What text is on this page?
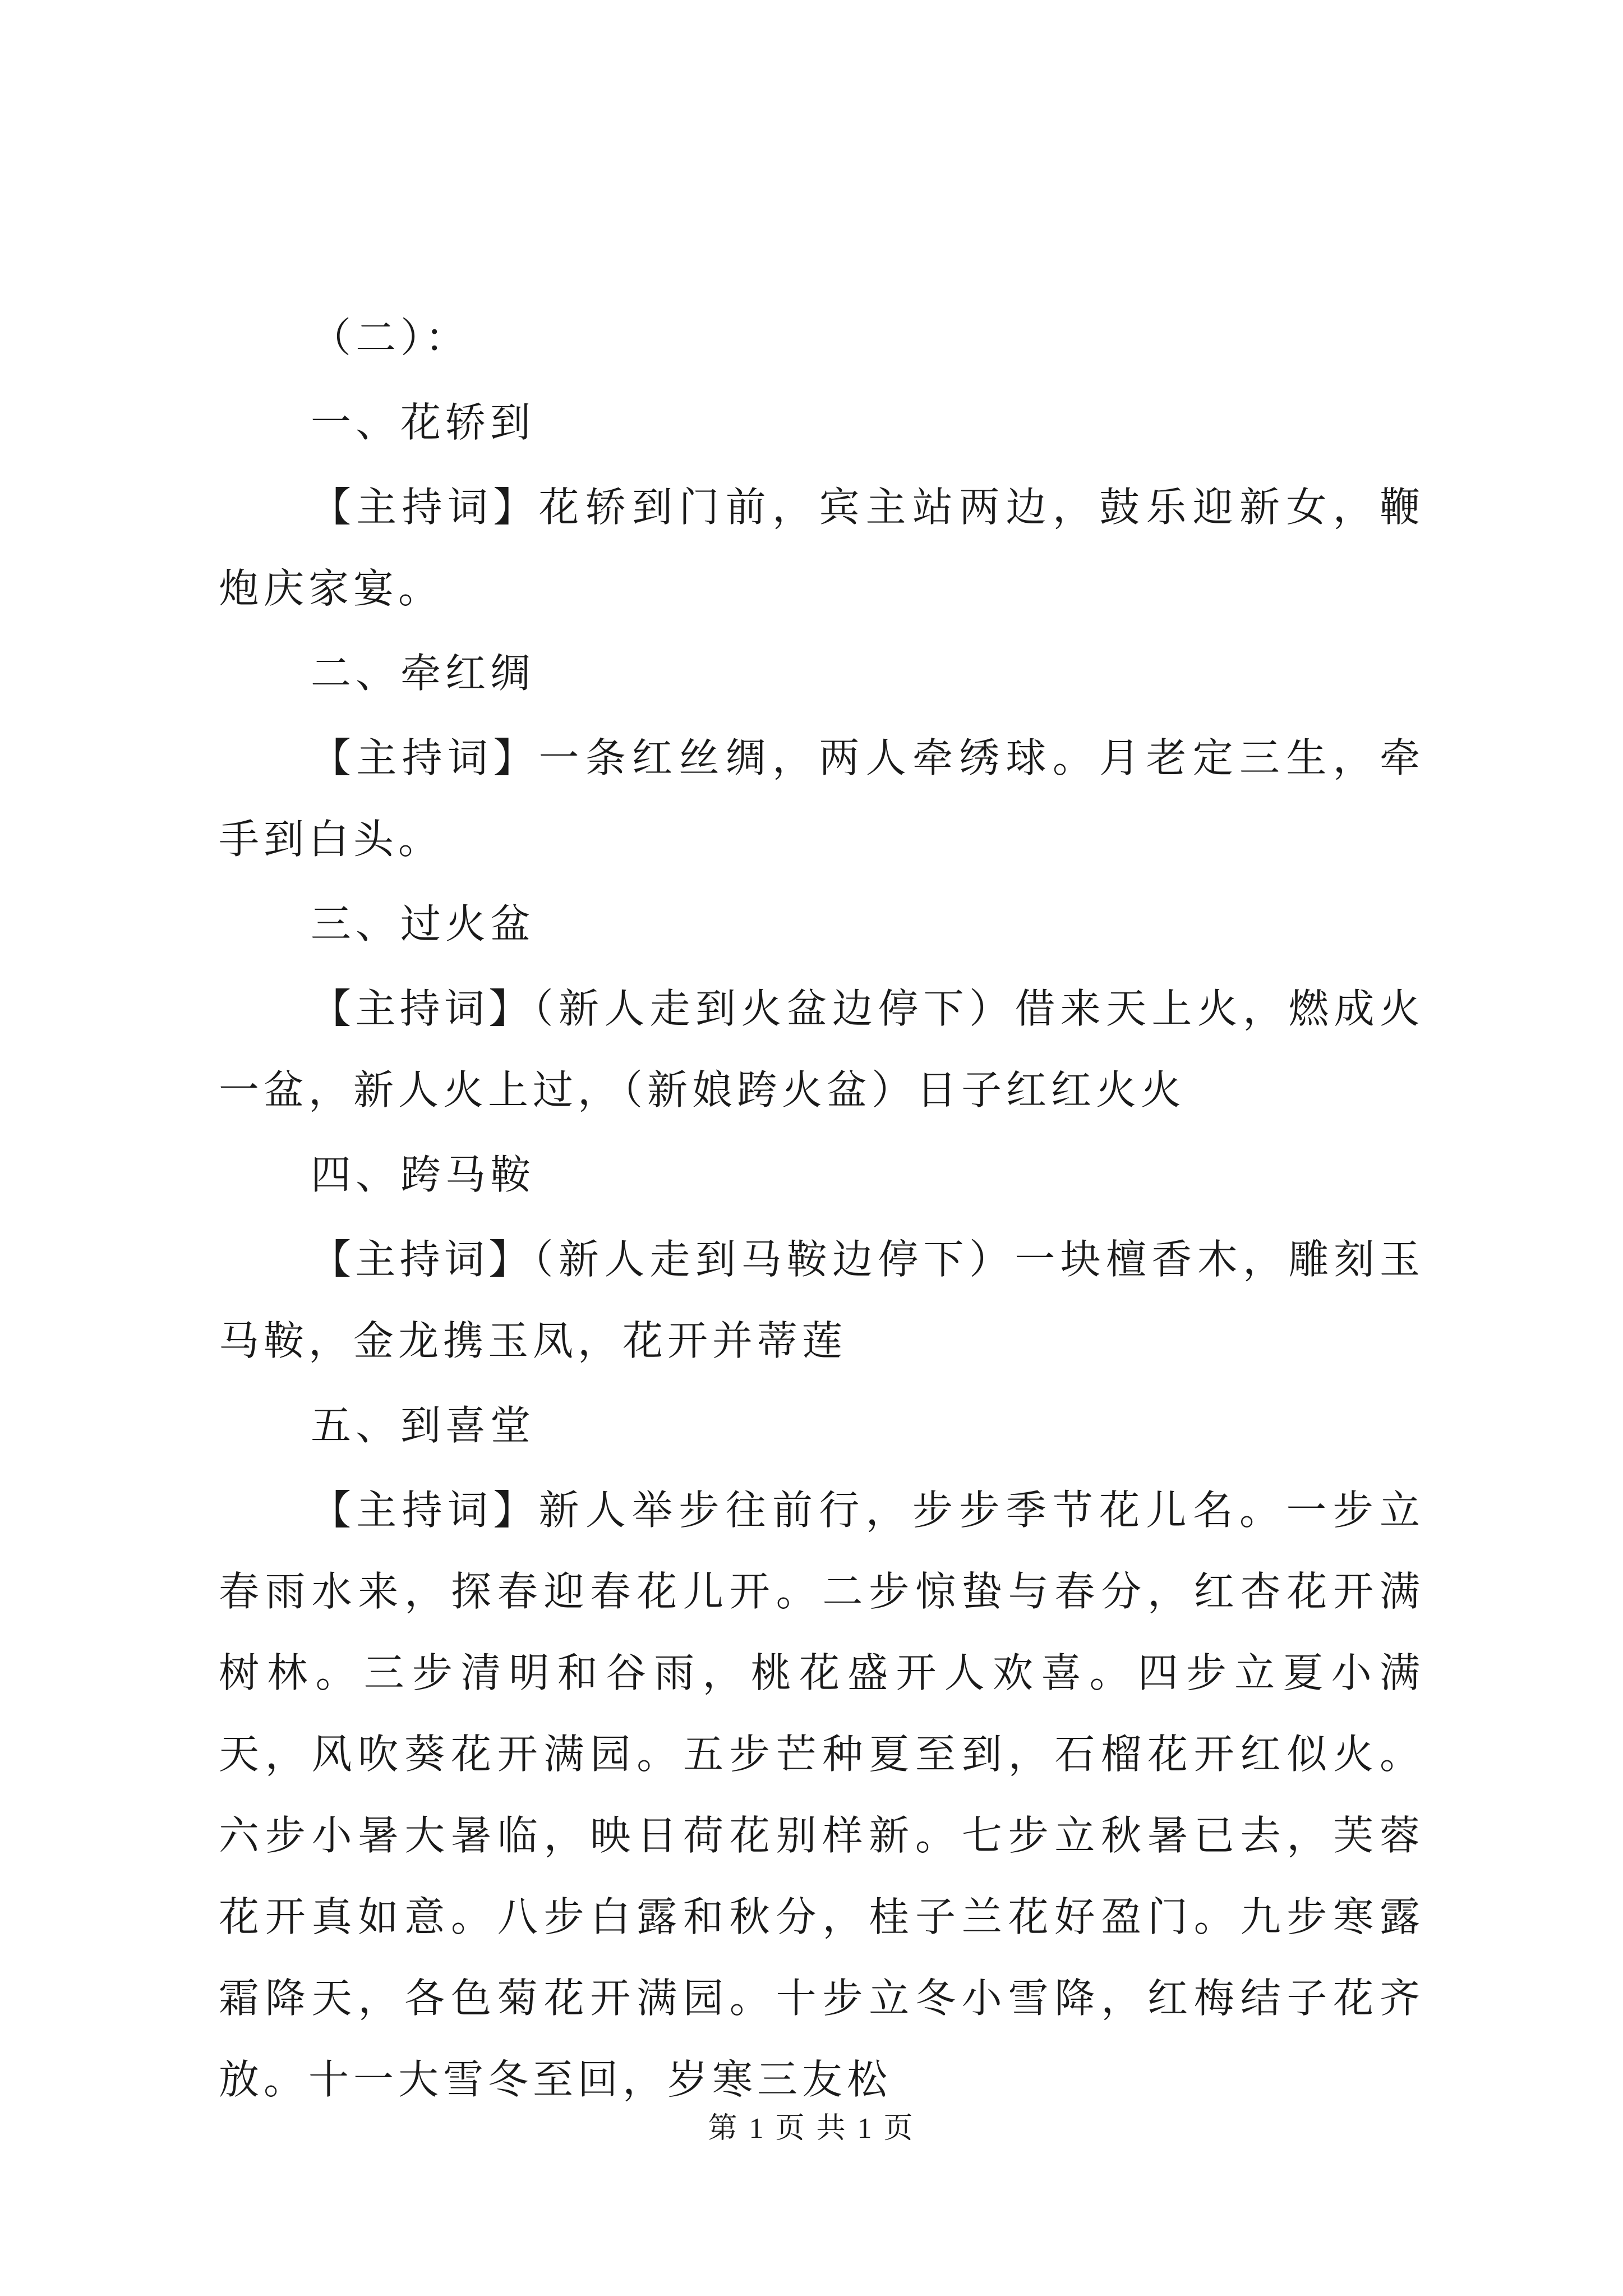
（二）：

一、花轿到

【主持词】花轿到门前，宾主站两边，鼓乐迎新女，鞭炮庆家宴。

二、牵红绸

【主持词】一条红丝绸，两人牵绣球。月老定三生，牵手到白头。

三、过火盆

【主持词】（新人走到火盆边停下）借来天上火，燃成火一盆，新人火上过，（新娘跨火盆）日子红红火火

四、跨马鞍

【主持词】（新人走到马鞍边停下）一块檀香木，雕刻玉马鞍，金龙携玉凤，花开并蒂莲

五、到喜堂

【主持词】新人举步往前行，步步季节花儿名。一步立春雨水来，探春迎春花儿开。二步惊蛰与春分，红杏花开满树林。三步清明和谷雨，桃花盛开人欢喜。四步立夏小满天，风吹葵花开满园。五步芒种夏至到，石榴花开红似火。六步小暑大暑临，映日荷花别样新。七步立秋暑已去，芙蓉花开真如意。八步白露和秋分，桂子兰花好盈门。九步寒露霜降天，各色菊花开满园。十步立冬小雪降，红梅结子花齐放。十一大雪冬至回，岁寒三友松

第 1 页 共 1 页
